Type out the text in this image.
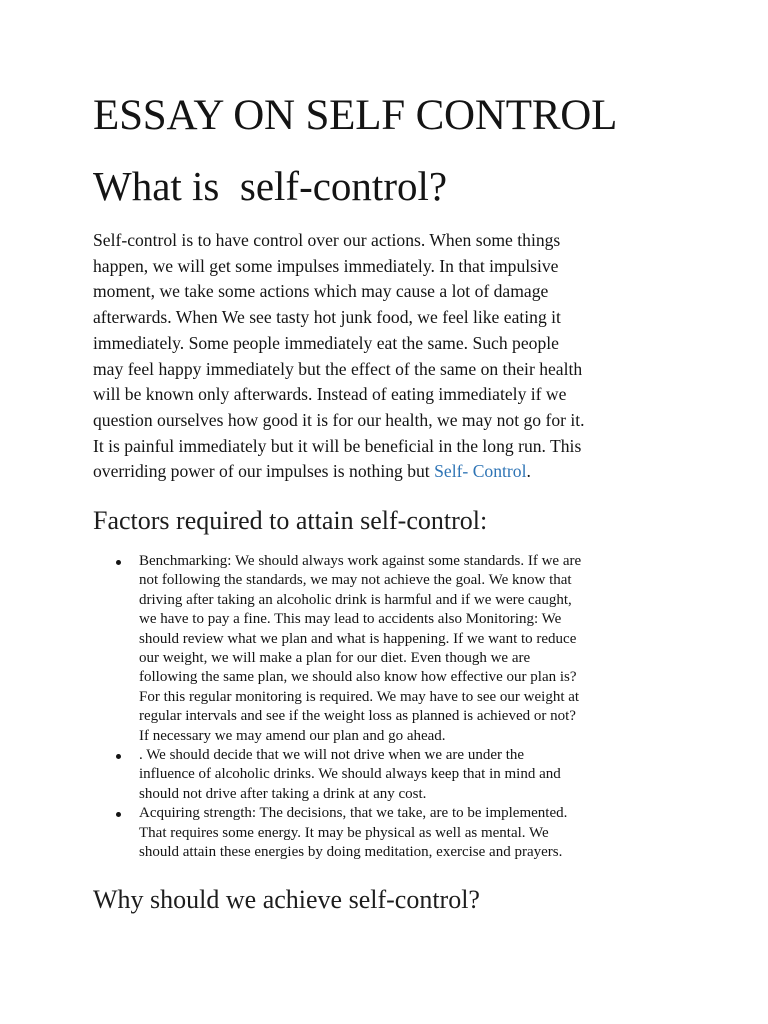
ESSAY ON SELF CONTROL
What is  self-control?

Self-control is to have control over our actions. When some things
happen, we will get some impulses immediately. In that impulsive
moment, we take some actions which may cause a lot of damage
afterwards. When We see tasty hot junk food, we feel like eating it
immediately. Some people immediately eat the same. Such people
may feel happy immediately but the effect of the same on their health
will be known only afterwards. Instead of eating immediately if we
question ourselves how good it is for our health, we may not go for it.
It is painful immediately but it will be beneficial in the long run. This
overriding power of our impulses is nothing but Self- Control.

Factors required to attain self-control:
Benchmarking: We should always work against some standards. If we are
not following the standards, we may not achieve the goal. We know that
driving after taking an alcoholic drink is harmful and if we were caught,
we have to pay a fine. This may lead to accidents also Monitoring: We
should review what we plan and what is happening. If we want to reduce
our weight, we will make a plan for our diet. Even though we are
following the same plan, we should also know how effective our plan is?
For this regular monitoring is required. We may have to see our weight at
regular intervals and see if the weight loss as planned is achieved or not?
If necessary we may amend our plan and go ahead.
. We should decide that we will not drive when we are under the
influence of alcoholic drinks. We should always keep that in mind and
should not drive after taking a drink at any cost.
Acquiring strength: The decisions, that we take, are to be implemented.
That requires some energy. It may be physical as well as mental. We
should attain these energies by doing meditation, exercise and prayers.
Why should we achieve self-control?
